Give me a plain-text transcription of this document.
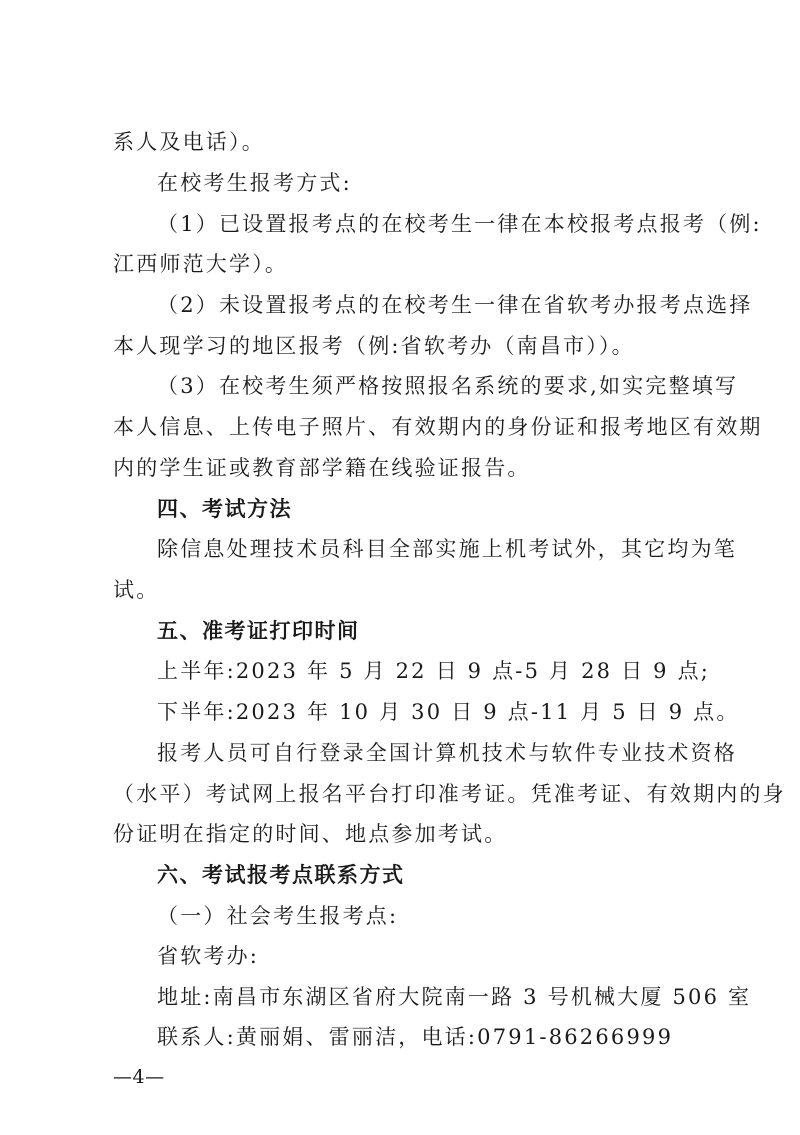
系人及电话）。
在校考生报考方式:
（1）已设置报考点的在校考生一律在本校报考点报考（例:
江西师范大学）。
（2）未设置报考点的在校考生一律在省软考办报考点选择
本人现学习的地区报考（例:省软考办（南昌市））。
（3）在校考生须严格按照报名系统的要求,如实完整填写
本人信息、上传电子照片、有效期内的身份证和报考地区有效期
内的学生证或教育部学籍在线验证报告。
四、考试方法
除信息处理技术员科目全部实施上机考试外，其它均为笔
试。
五、准考证打印时间
上半年:2023 年 5 月 22 日 9 点-5 月 28 日 9 点;
下半年:2023 年 10 月 30 日 9 点-11 月 5 日 9 点。
报考人员可自行登录全国计算机技术与软件专业技术资格
（水平）考试网上报名平台打印准考证。凭准考证、有效期内的身
份证明在指定的时间、地点参加考试。
六、考试报考点联系方式
（一）社会考生报考点:
省软考办:
地址:南昌市东湖区省府大院南一路 3 号机械大厦 506 室
联系人:黄丽娟、雷丽洁，电话:0791-86266999
—4—
